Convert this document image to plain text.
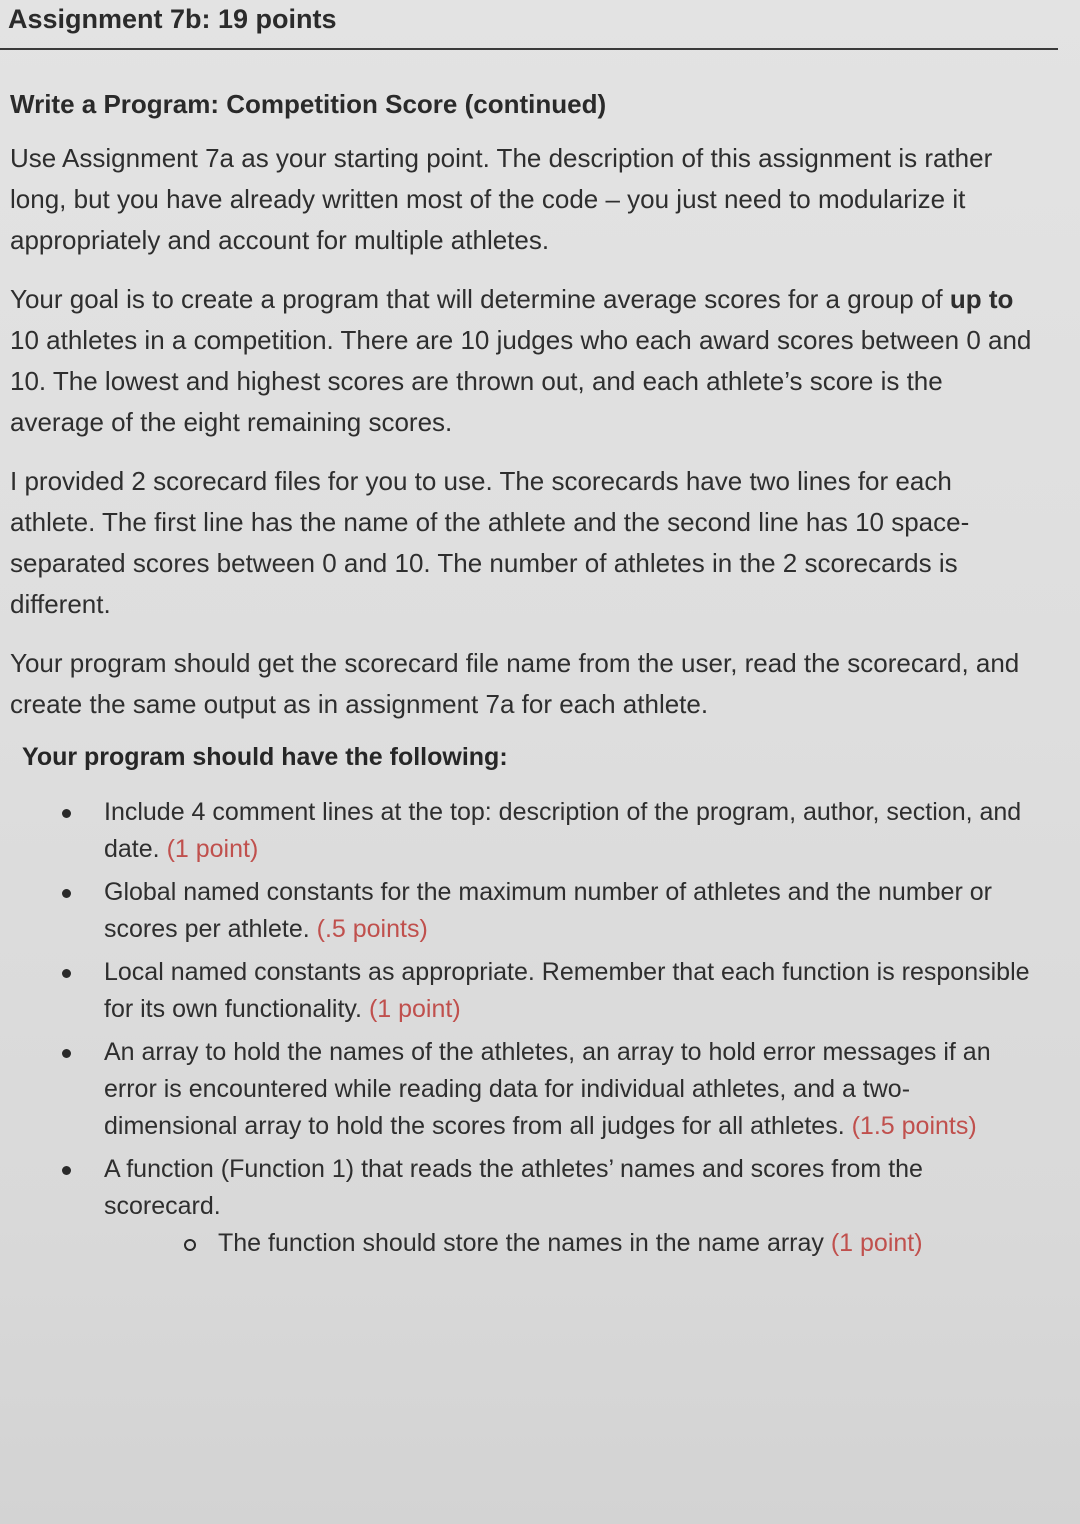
Assignment 7b: 19 points
Write a Program: Competition Score (continued)

Use Assignment 7a as your starting point. The description of this assignment is rather long, but you have already written most of the code – you just need to modularize it appropriately and account for multiple athletes.

Your goal is to create a program that will determine average scores for a group of up to 10 athletes in a competition. There are 10 judges who each award scores between 0 and 10. The lowest and highest scores are thrown out, and each athlete’s score is the average of the eight remaining scores.

I provided 2 scorecard files for you to use. The scorecards have two lines for each athlete. The first line has the name of the athlete and the second line has 10 space-separated scores between 0 and 10. The number of athletes in the 2 scorecards is different.

Your program should get the scorecard file name from the user, read the scorecard, and create the same output as in assignment 7a for each athlete.

Your program should have the following:
Include 4 comment lines at the top: description of the program, author, section, and date. (1 point)
Global named constants for the maximum number of athletes and the number or scores per athlete. (.5 points)
Local named constants as appropriate. Remember that each function is responsible for its own functionality. (1 point)
An array to hold the names of the athletes, an array to hold error messages if an error is encountered while reading data for individual athletes, and a two-dimensional array to hold the scores from all judges for all athletes. (1.5 points)
A function (Function 1) that reads the athletes’ names and scores from the scorecard.
The function should store the names in the name array (1 point)
